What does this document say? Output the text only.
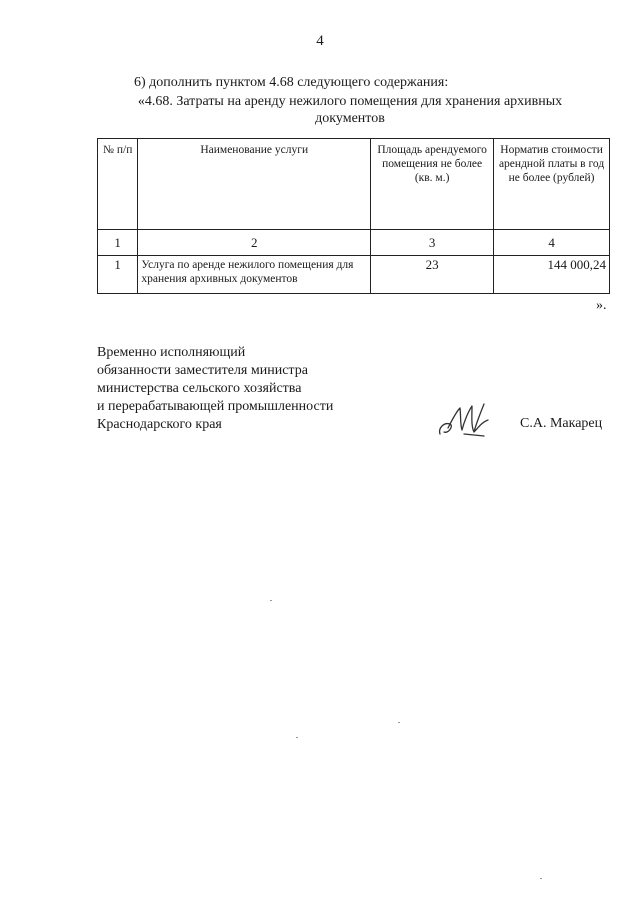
4
6) дополнить пунктом 4.68 следующего содержания:
«4.68. Затраты на аренду нежилого помещения для хранения архивных
документов
№ п/п	Наименование услуги	Площадь арендуемого помещения не более (кв. м.)	Норматив стоимости арендной платы в год не более (рублей)
1	2	3	4
1	Услуга по аренде нежилого помещения для хранения архивных документов	23	144 000,24
».
Временно исполняющий
обязанности заместителя министра
министерства сельского хозяйства
и перерабатывающей промышленности
Краснодарского края	С.А. Макарец
